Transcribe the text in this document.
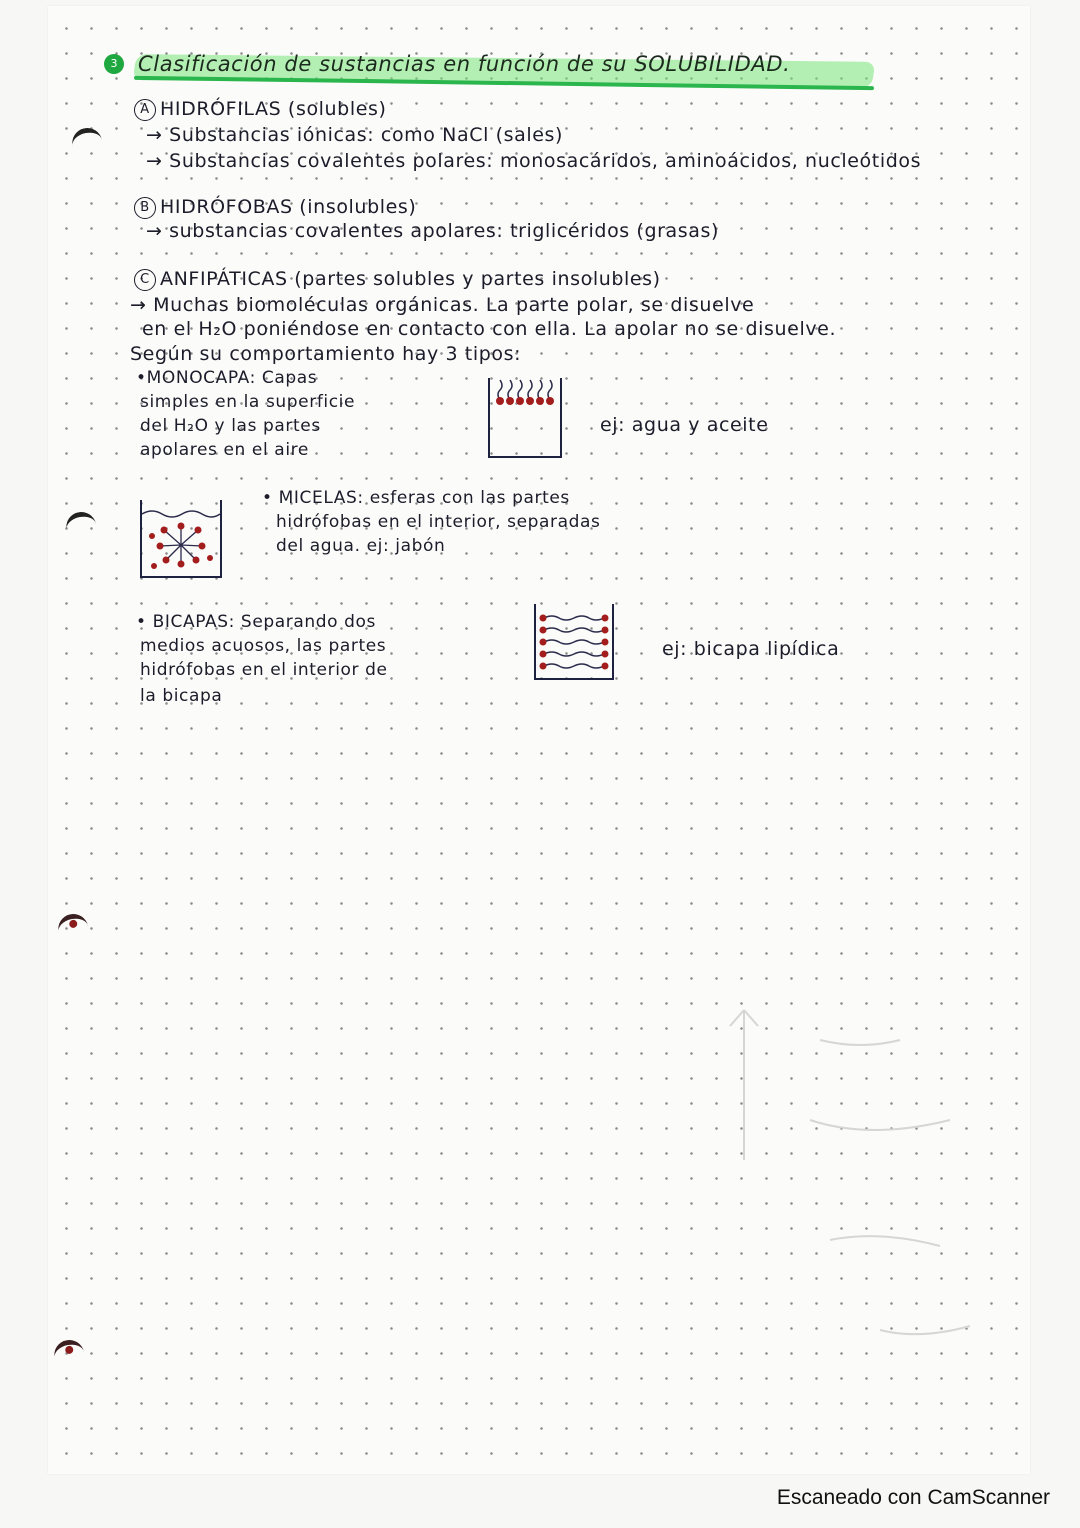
3 Clasificación de sustancias en función de su SOLUBILIDAD.
A HIDRÓFILAS (solubles)
→ Substancias iónicas: como NaCl (sales)
→ Substancias covalentes polares: monosacáridos, aminoácidos, nucleótidos
B HIDRÓFOBAS (insolubles)
→ substancias covalentes apolares: triglicéridos (grasas)
C ANFIPÁTICAS (partes solubles y partes insolubles)
→ Muchas biomoléculas orgánicas. La parte polar, se disuelve
en el H₂O poniéndose en contacto con ella. La apolar no se disuelve.
Según su comportamiento hay 3 tipos:
•MONOCAPA: Capas
simples en la superficie
del H₂O y las partes
apolares en el aire
ej: agua y aceite
• MICELAS: esferas con las partes
hidrófobas en el interior, separadas
del agua. ej: jabón
• BICAPAS: Separando dos
medios acuosos, las partes
hidrófobas en el interior de
la bicapa
ej: bicapa lipídica
Escaneado con CamScanner
